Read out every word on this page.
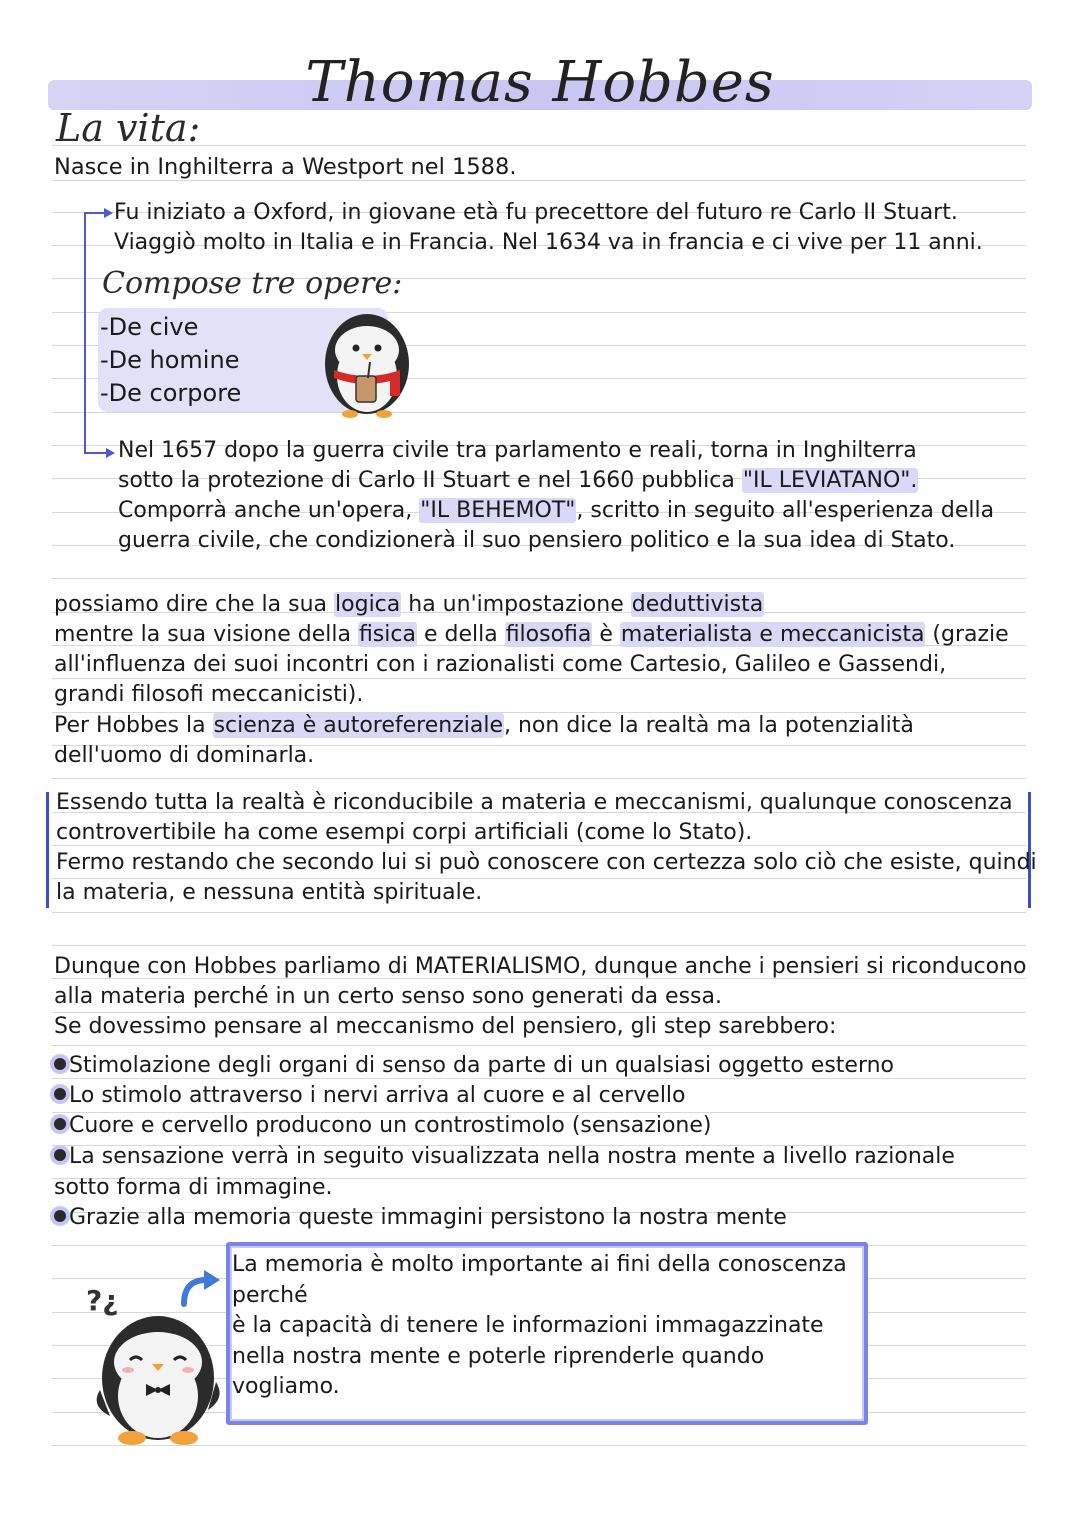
Thomas Hobbes
La vita:
Nasce in Inghilterra a Westport nel 1588.
Fu iniziato a Oxford, in giovane età fu precettore del futuro re Carlo II Stuart.
Viaggiò molto in Italia e in Francia. Nel 1634 va in francia e ci vive per 11 anni.
Compose tre opere:
-De cive
-De homine
-De corpore
Nel 1657 dopo la guerra civile tra parlamento e reali, torna in Inghilterra
sotto la protezione di Carlo II Stuart e nel 1660 pubblica "IL LEVIATANO".
Comporrà anche un'opera, "IL BEHEMOT", scritto in seguito all'esperienza della
guerra civile, che condizionerà il suo pensiero politico e la sua idea di Stato.
possiamo dire che la sua logica ha un'impostazione deduttivista
mentre la sua visione della fisica e della filosofia è materialista e meccanicista (grazie
all'influenza dei suoi incontri con i razionalisti come Cartesio, Galileo e Gassendi,
grandi filosofi meccanicisti).
Per Hobbes la scienza è autoreferenziale, non dice la realtà ma la potenzialità
dell'uomo di dominarla.
Essendo tutta la realtà è riconducibile a materia e meccanismi, qualunque conoscenza
controvertibile ha come esempi corpi artificiali (come lo Stato).
Fermo restando che secondo lui si può conoscere con certezza solo ciò che esiste, quindi
la materia, e nessuna entità spirituale.
Dunque con Hobbes parliamo di MATERIALISMO, dunque anche i pensieri si riconducono
alla materia perché in un certo senso sono generati da essa.
Se dovessimo pensare al meccanismo del pensiero, gli step sarebbero:
Stimolazione degli organi di senso da parte di un qualsiasi oggetto esterno
Lo stimolo attraverso i nervi arriva al cuore e al cervello
Cuore e cervello producono un controstimolo (sensazione)
La sensazione verrà in seguito visualizzata nella nostra mente a livello razionale
sotto forma di immagine.
Grazie alla memoria queste immagini persistono la nostra mente
La memoria è molto importante ai fini della conoscenza
perché
è la capacità di tenere le informazioni immagazzinate
nella nostra mente e poterle riprenderle quando
vogliamo.
?¿
